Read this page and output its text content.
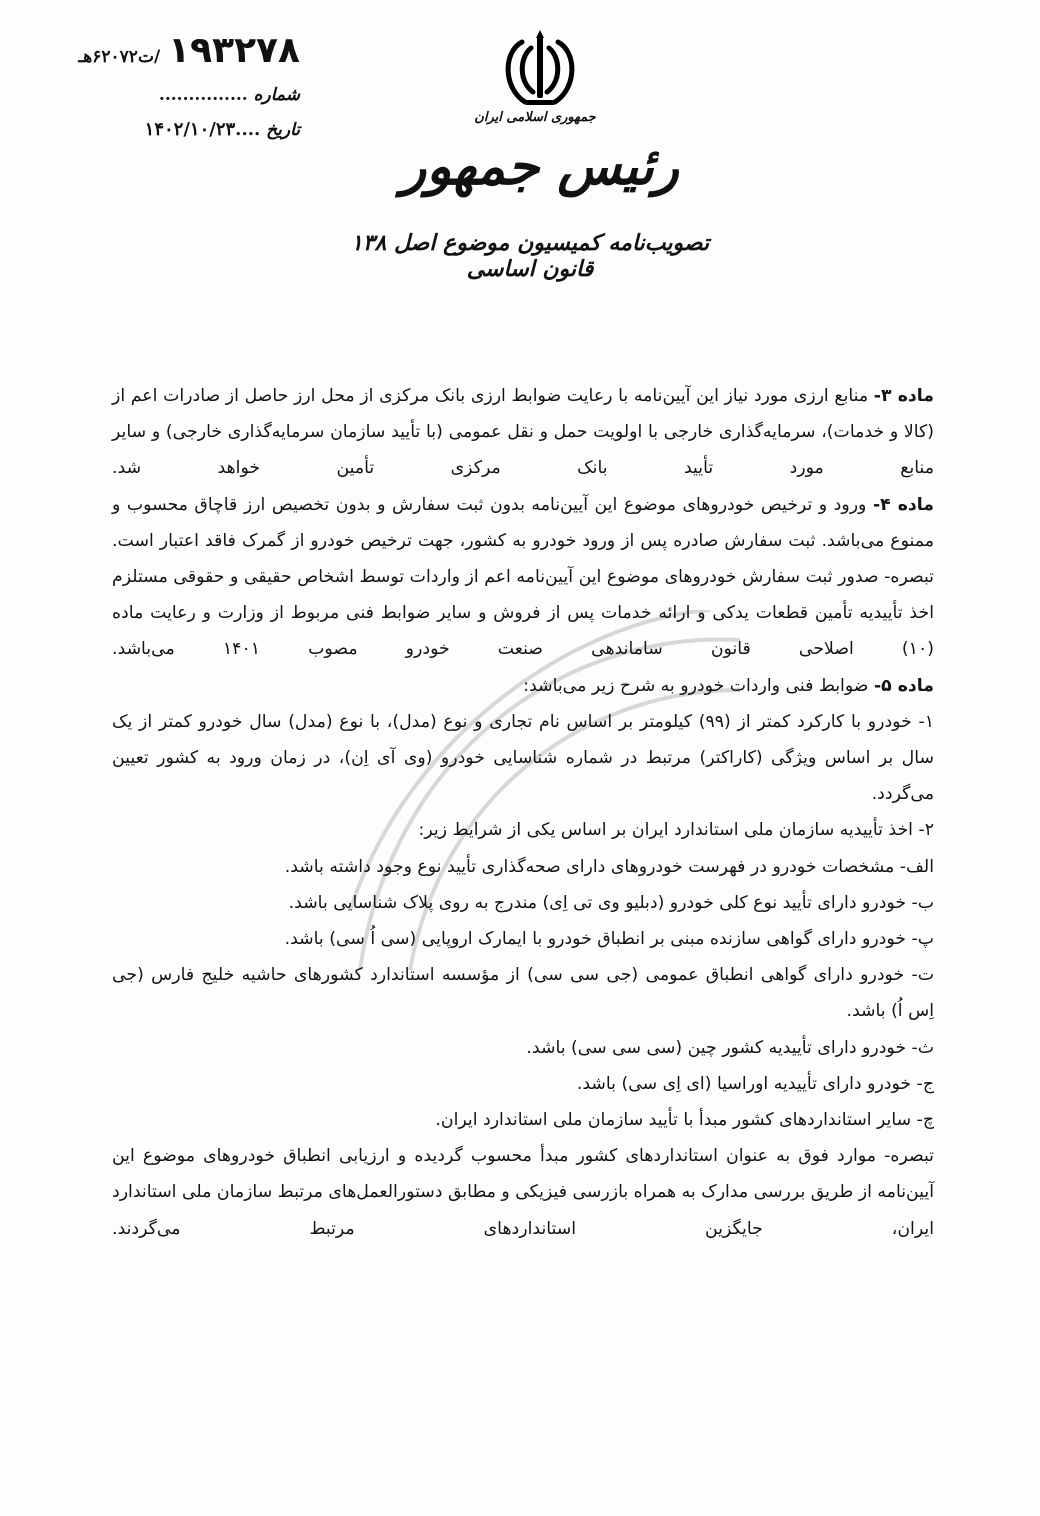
۱۹۳۲۷۸
/ت۶۲۰۷۲هـ
شماره ...............
تاریخ ....۱۴۰۲/۱۰/۲۳
جمهوری اسلامی ایران
رئیس جمهور
تصویب‌نامه کمیسیون موضوع اصل ۱۳۸ قانون اساسی

ماده ۳- منابع ارزی مورد نیاز این آیین‌نامه با رعایت ضوابط ارزی بانک مرکزی از محل ارز حاصل از صادرات اعم از (کالا و خدمات)، سرمایه‌گذاری خارجی با اولویت حمل و نقل عمومی (با تأیید سازمان سرمایه‌گذاری خارجی) و سایر منابع مورد تأیید بانک مرکزی تأمین خواهد شد.

ماده ۴- ورود و ترخیص خودروهای موضوع این آیین‌نامه بدون ثبت سفارش و بدون تخصیص ارز قاچاق محسوب و ممنوع می‌باشد. ثبت سفارش صادره پس از ورود خودرو به کشور، جهت ترخیص خودرو از گمرک فاقد اعتبار است.

تبصره- صدور ثبت سفارش خودروهای موضوع این آیین‌نامه اعم از واردات توسط اشخاص حقیقی و حقوقی مستلزم اخذ تأییدیه تأمین قطعات یدکی و ارائه خدمات پس از فروش و سایر ضوابط فنی مربوط از وزارت و رعایت ماده (۱۰) اصلاحی قانون ساماندهی صنعت خودرو مصوب ۱۴۰۱ می‌باشد.

ماده ۵- ضوابط فنی واردات خودرو به شرح زیر می‌باشد:

۱- خودرو با کارکرد کمتر از (۹۹) کیلومتر بر اساس نام تجاری و نوع (مدل)، با نوع (مدل) سال خودرو کمتر از یک سال بر اساس ویژگی (کاراکتر) مرتبط در شماره شناسایی خودرو (وی آی اِن)، در زمان ورود به کشور تعیین می‌گردد.

۲- اخذ تأییدیه سازمان ملی استاندارد ایران بر اساس یکی از شرایط زیر:

الف- مشخصات خودرو در فهرست خودروهای دارای صحه‌گذاری تأیید نوع وجود داشته باشد.

ب- خودرو دارای تأیید نوع کلی خودرو (دبلیو وی تی اِی) مندرج به روی پلاک شناسایی باشد.

پ- خودرو دارای گواهی سازنده مبنی بر انطباق خودرو با ایمارک اروپایی (سی اُ سی) باشد.

ت- خودرو دارای گواهی انطباق عمومی (جی سی سی) از مؤسسه استاندارد کشورهای حاشیه خلیج فارس (جی اِس اُ) باشد.

ث- خودرو دارای تأییدیه کشور چین (سی سی سی) باشد.

ج- خودرو دارای تأییدیه اوراسیا (ای اِی سی) باشد.

چ- سایر استانداردهای کشور مبدأ با تأیید سازمان ملی استاندارد ایران.

تبصره- موارد فوق به عنوان استانداردهای کشور مبدأ محسوب گردیده و ارزیابی انطباق خودروهای موضوع این آیین‌نامه از طریق بررسی مدارک به همراه بازرسی فیزیکی و مطابق دستورالعمل‌های مرتبط سازمان ملی استاندارد ایران، جایگزین استانداردهای مرتبط می‌گردند.
